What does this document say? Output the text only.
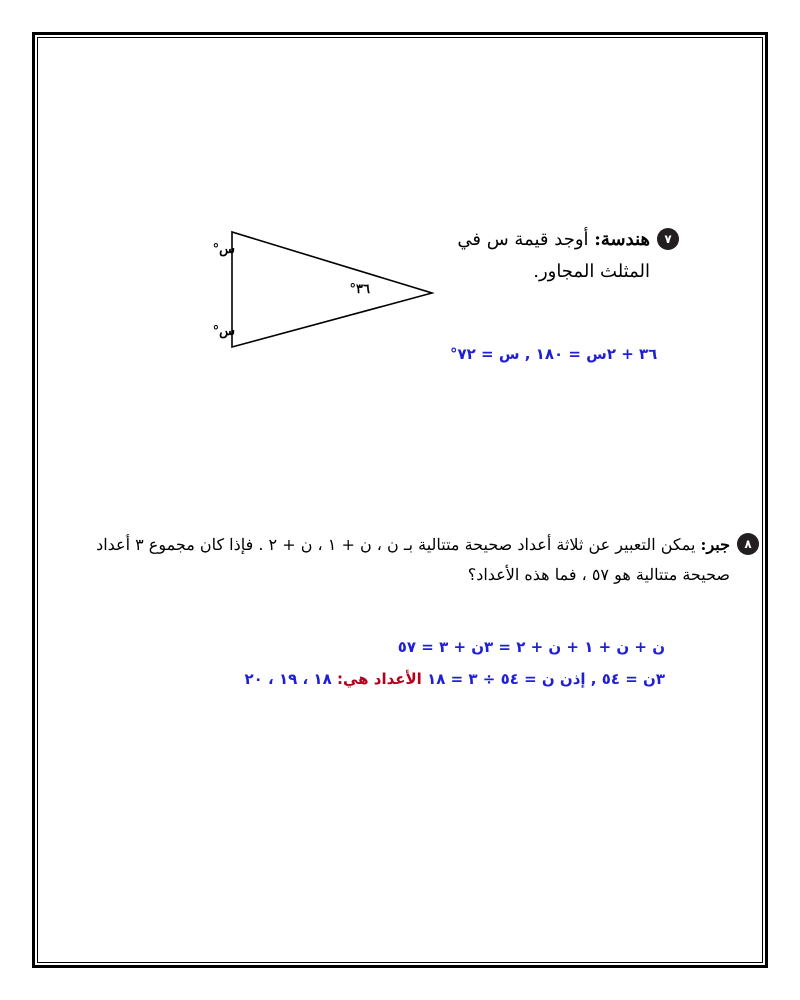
٧
هندسة: أوجد قيمة س في
المثلث المجاور.
س°
س°
٣٦°
٣٦ + ٢س = ١٨٠ , س = ٧٢°
٨
جبر: يمكن التعبير عن ثلاثة أعداد صحيحة متتالية بـ ن ، ن + ١ ، ن + ٢ . فإذا كان مجموع ٣ أعداد
صحيحة متتالية هو ٥٧ ، فما هذه الأعداد؟
ن + ن + ١ + ن + ٢ = ٣ن + ٣ = ٥٧
٣ن = ٥٤ , إذن ن = ٥٤ ÷ ٣ = ١٨ الأعداد هي: ١٨ ، ١٩ ، ٢٠
